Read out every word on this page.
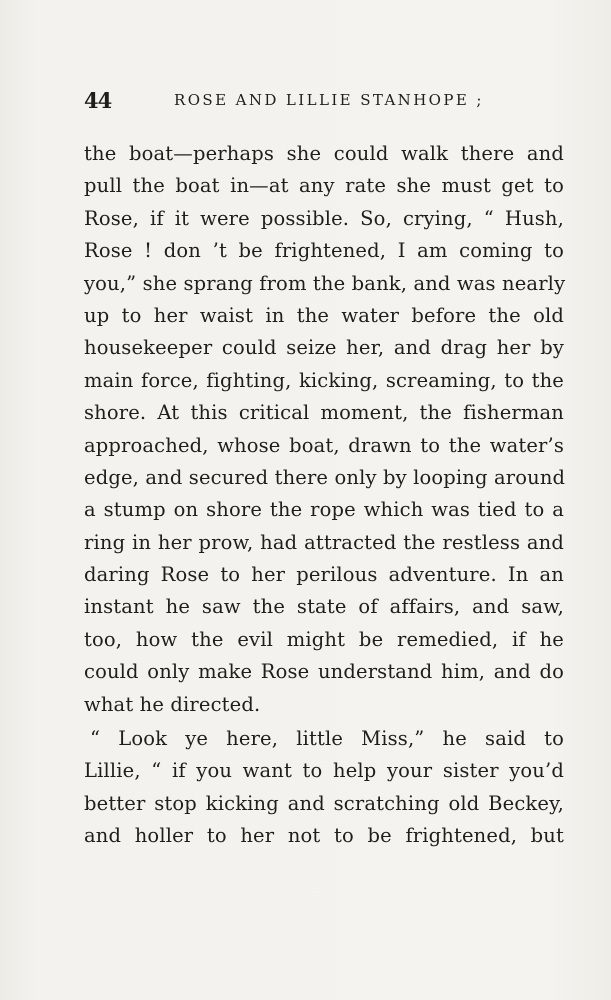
44	ROSE AND LILLIE STANHOPE ;
the boat—perhaps she could walk there and
pull the boat in—at any rate she must get to
Rose, if it were possible. So, crying, “ Hush,
Rose ! don ’t be frightened, I am coming to
you,” she sprang from the bank, and was nearly
up to her waist in the water before the old
housekeeper could seize her, and drag her by
main force, fighting, kicking, screaming, to the
shore. At this critical moment, the fisherman
approached, whose boat, drawn to the water’s
edge, and secured there only by looping around
a stump on shore the rope which was tied to a
ring in her prow, had attracted the restless and
daring Rose to her perilous adventure. In an
instant he saw the state of affairs, and saw,
too, how the evil might be remedied, if he
could only make Rose understand him, and do
what he directed.
“ Look ye here, little Miss,” he said to
Lillie, “ if you want to help your sister you’d
better stop kicking and scratching old Beckey,
and holler to her not to be frightened, but
